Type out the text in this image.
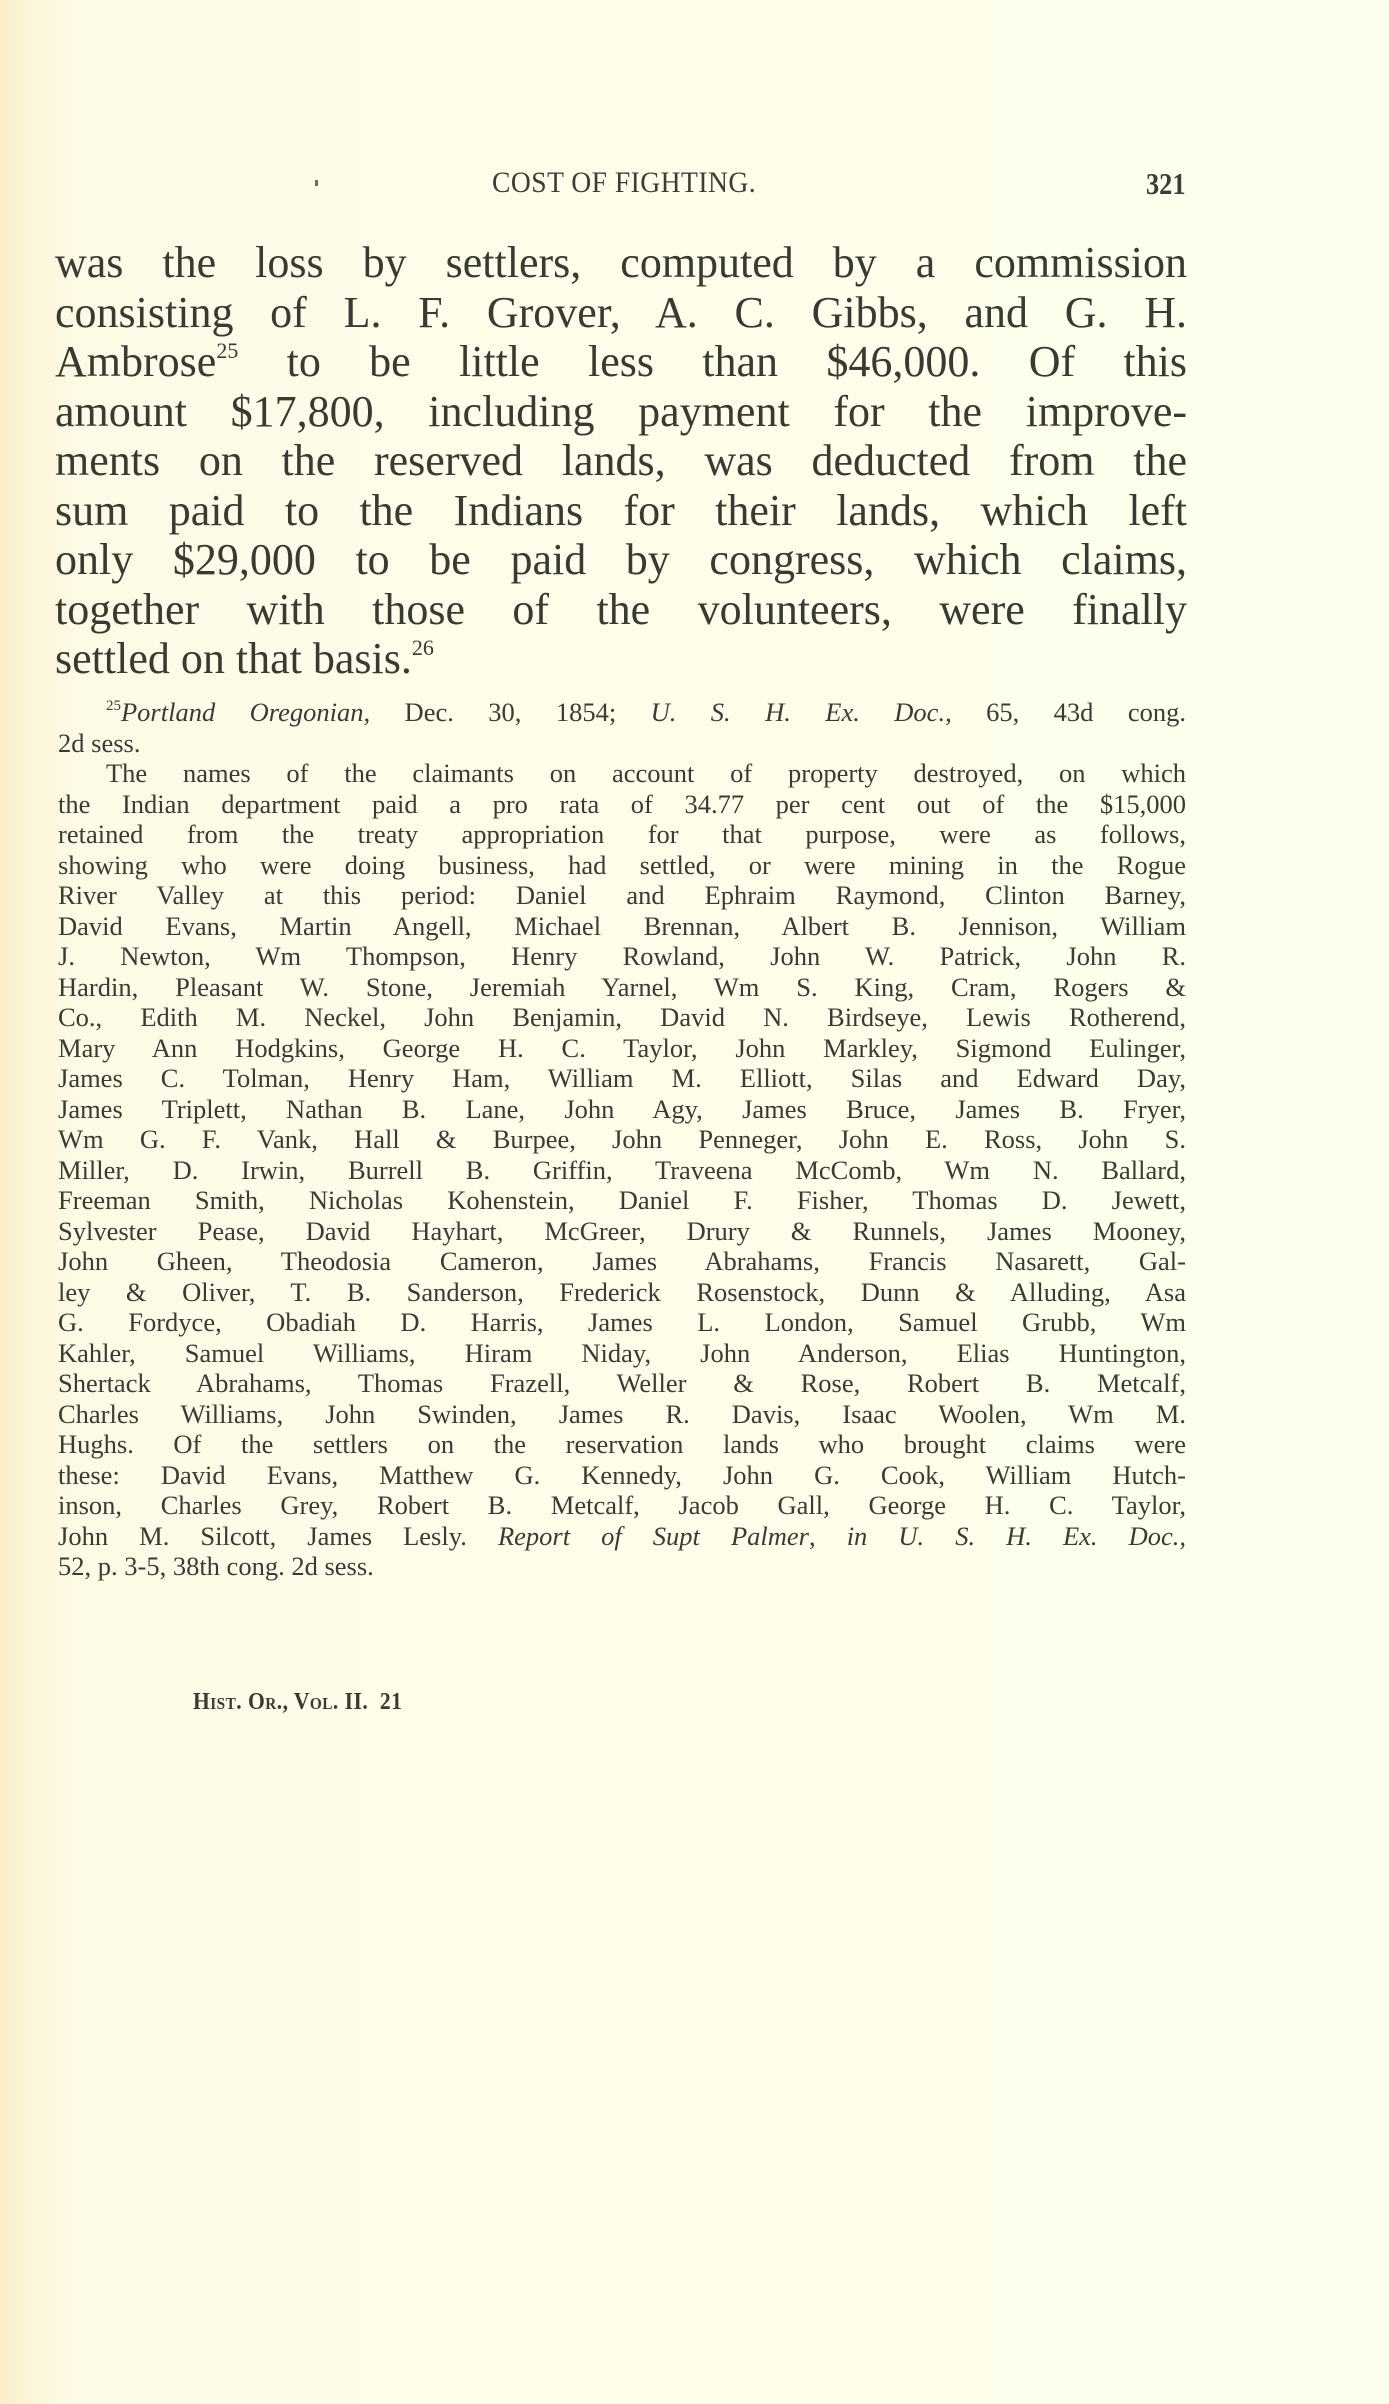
COST OF FIGHTING.	321
was the loss by settlers, computed by a commission
consisting of L. F. Grover, A. C. Gibbs, and G. H.
Ambrose$^{25}$ to be little less than $46,000. Of this
amount $17,800, including payment for the improve-
ments on the reserved lands, was deducted from the
sum paid to the Indians for their lands, which left
only $29,000 to be paid by congress, which claims,
together with those of the volunteers, were finally
settled on that basis.$^{26}$
$^{25}$Portland Oregonian, Dec. 30, 1854; U. S. H. Ex. Doc., 65, 43d cong.
2d sess.
The names of the claimants on account of property destroyed, on which
the Indian department paid a pro rata of 34.77 per cent out of the $15,000
retained from the treaty appropriation for that purpose, were as follows,
showing who were doing business, had settled, or were mining in the Rogue
River Valley at this period: Daniel and Ephraim Raymond, Clinton Barney,
David Evans, Martin Angell, Michael Brennan, Albert B. Jennison, William
J. Newton, Wm Thompson, Henry Rowland, John W. Patrick, John R.
Hardin, Pleasant W. Stone, Jeremiah Yarnel, Wm S. King, Cram, Rogers &
Co., Edith M. Neckel, John Benjamin, David N. Birdseye, Lewis Rotherend,
Mary Ann Hodgkins, George H. C. Taylor, John Markley, Sigmond Eulinger,
James C. Tolman, Henry Ham, William M. Elliott, Silas and Edward Day,
James Triplett, Nathan B. Lane, John Agy, James Bruce, James B. Fryer,
Wm G. F. Vank, Hall & Burpee, John Penneger, John E. Ross, John S.
Miller, D. Irwin, Burrell B. Griffin, Traveena McComb, Wm N. Ballard,
Freeman Smith, Nicholas Kohenstein, Daniel F. Fisher, Thomas D. Jewett,
Sylvester Pease, David Hayhart, McGreer, Drury & Runnels, James Mooney,
John Gheen, Theodosia Cameron, James Abrahams, Francis Nasarett, Gal-
ley & Oliver, T. B. Sanderson, Frederick Rosenstock, Dunn & Alluding, Asa
G. Fordyce, Obadiah D. Harris, James L. London, Samuel Grubb, Wm
Kahler, Samuel Williams, Hiram Niday, John Anderson, Elias Huntington,
Shertack Abrahams, Thomas Frazell, Weller & Rose, Robert B. Metcalf,
Charles Williams, John Swinden, James R. Davis, Isaac Woolen, Wm M.
Hughs. Of the settlers on the reservation lands who brought claims were
these: David Evans, Matthew G. Kennedy, John G. Cook, William Hutch-
inson, Charles Grey, Robert B. Metcalf, Jacob Gall, George H. C. Taylor,
John M. Silcott, James Lesly. Report of Supt Palmer, in U. S. H. Ex. Doc.,
52, p. 3-5, 38th cong. 2d sess.
Hist. Or., Vol. II. 21
